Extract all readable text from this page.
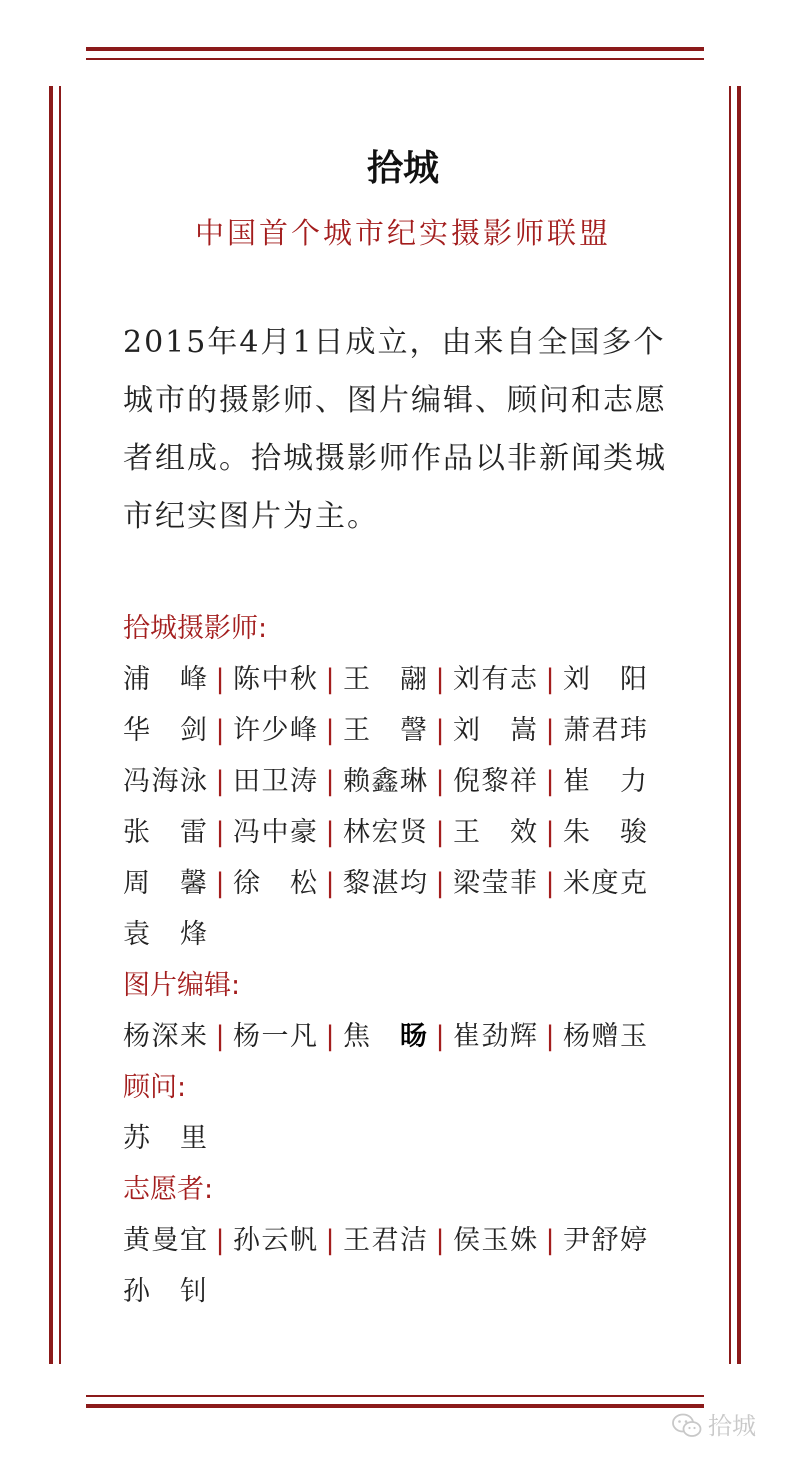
拾城
中国首个城市纪实摄影师联盟
2015年4月1日成立，由来自全国多个城市的摄影师、图片编辑、顾问和志愿者组成。拾城摄影师作品以非新闻类城市纪实图片为主。
拾城摄影师:
浦峰 | 陈中秋 | 王翮 | 刘有志 | 刘阳
华剑 | 许少峰 | 王謦 | 刘嵩 | 萧君玮
冯海泳 | 田卫涛 | 赖鑫琳 | 倪黎祥 | 崔力
张雷 | 冯中豪 | 林宏贤 | 王效 | 朱骏
周馨 | 徐松 | 黎湛均 | 梁莹菲 | 米度克
袁烽
图片编辑:
杨深来 | 杨一凡 | 焦旸 | 崔劲辉 | 杨赠玉
顾问:
苏里
志愿者:
黄曼宜 | 孙云帆 | 王君洁 | 侯玉姝 | 尹舒婷
孙钊
拾城
